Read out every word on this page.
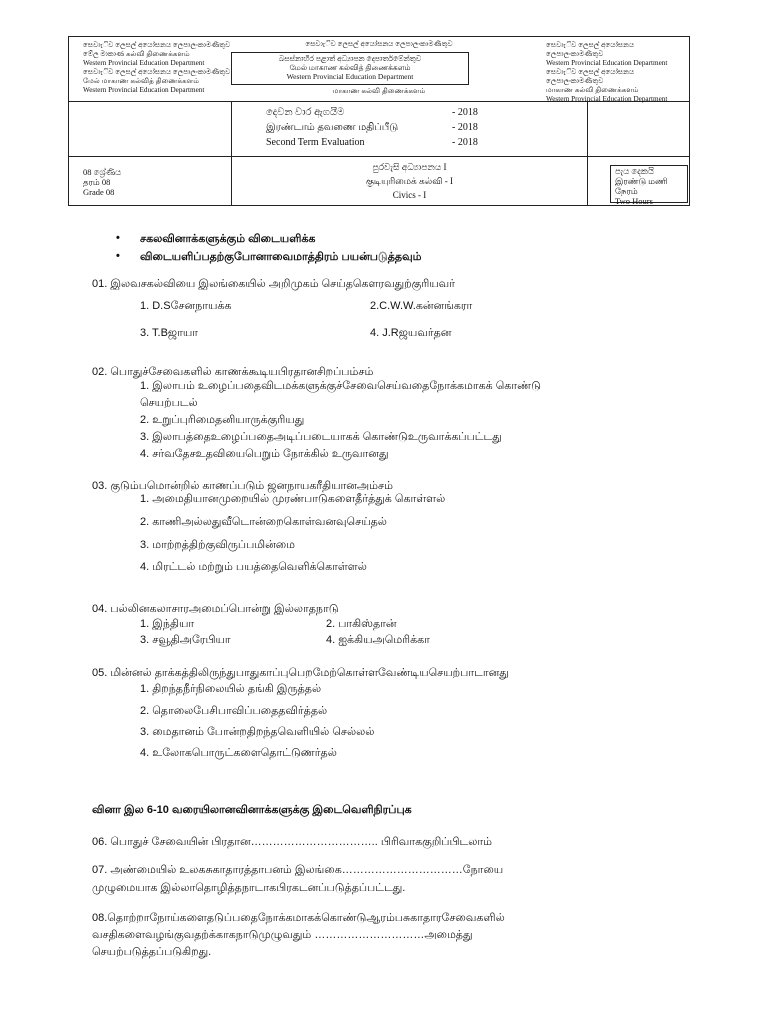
සෙවා‍ැිව ලෙසල් අයෝසනය ලෙපාලංකාමණීතුව
මේල මාකාණ கல்வி திணைக்களம்
Western Provincial Education Department
සෙවාැිව ලෙසල් අයෝසනය ලෙපාලංකාමණීතුව
மேல் மாகாண கல்வித் திணைக்களம்
Western Provincial Education Department
සෙවාැිව ලෙසල් අයෝසනය ලෙපාලංකාමණීතුව
බසස්නාහිර පළාත් අධ්‍යාපන දෙපාර්තමේන්තුව
மேல் மாகாண கல்வித் திணைக்களம்
Western Provincial Education Department
மாகாண கல்வி திணைக்களம்
සෙවාැිව ලෙසල් අයෝසනය ලෙපාලංකාමණීතුව
Western Provincial Education Department
සෙවාැිව ලෙසල් අයෝසනය ලෙපාලංකාමණීතුව
மாகாண கல்வி திணைக்களம்
Western Provincial Education Department
දෙවන වාර ඇගයීම
இரண்டாம் தவணை மதிப்பீடு
Second Term Evaluation
- 2018
- 2018
- 2018
08 ශ්‍රේණිය
தரம் 08
Grade 08
පුරවැසි අධ්‍යාපනය I
குடியுரிமைக் கல்வி - I
Civics - I
පැය දෙකයි
இரண்டு மணி நேரம்
Two Hours
• சகலவினாக்களுக்கும் விடையளிக்க
• விடையளிப்பதற்குபோனாவைமாத்திரம் பயன்படுத்தவும்
01. இலவசகல்வியை இலங்கையில் அறிமுகம் செய்தகௌரவதுற்குரியவர்
1. D.Sசேனநாயக்க	2.C.W.W.கன்னங்கரா
3. T.Bஜாயா	4. J.Rஜயவர்தன
02. பொதுச்சேவைகளில் காணக்கூடியபிரதானசிறப்பம்சம்
1. இலாபம் உழைப்பதைவிடமக்களுக்குச்சேவைசெய்வதைநோக்கமாகக் கொண்டு
செயற்படல்
2. உறுப்புரிமைதனியாருக்குரியது
3. இலாபத்தைஉழைப்பதைஅடிப்படையாகக் கொண்டுஉருவாக்கப்பட்டது
4. சர்வதேசஉதவியைபெறும் நோக்கில் உருவானது
03. குடும்பமொன்றில் காணப்படும் ஜனநாயகரீதியானஅம்சம்
1. அமைதியானமுறையில் முரண்பாடுகளைதீர்த்துக் கொள்ளல்
2. காணிஅல்லதுவீடொன்றைகொள்வனவுசெய்தல்
3. மாற்றத்திற்குவிருப்பமின்மை
4. மிரட்டல் மற்றும் பயத்தைவெளிக்கொள்ளல்
04. பல்லினகலாசாரஅமைப்பொன்று இல்லாதநாடு
1. இந்தியா	2. பாகிஸ்தான்
3. சவூதிஅரேபியா	4. ஐக்கியஅமெரிக்கா
05. மின்னல் தாக்கத்திலிருந்துபாதுகாப்புபெறமேற்கொள்ளவேண்டியசெயற்பாடானது
1. திறந்தநீர்நிலையில் தங்கி இருத்தல்
2. தொலைபேசிபாவிப்பதைதவிர்த்தல்
3. மைதானம் போன்றதிறந்தவெளியில் செல்லல்
4. உலோகபொருட்களைதொட்டுணர்தல்
வினா இல 6-10 வரையிலானவினாக்களுக்கு இடைவெளிநிரப்புக
06. பொதுச் சேவையின் பிரதான…………………………….. பிரிவாககுறிப்பிடலாம்
07. அண்மையில் உலகசுகாதாரத்தாபனம் இலங்கை……………………………நோயை
முழுமையாக இல்லாதொழித்தநாடாகபிரகடனப்படுத்தப்பட்டது.
08.தொற்றாநோய்களைதடுப்பதைநோக்கமாகக்கொண்டுஆரம்பசுகாதாரசேவைகளில்
வசதிகளைவழங்குவதற்க்காகநாடுமுழுவதும் …………………………அமைத்து
செயற்படுத்தப்படுகிறது.
